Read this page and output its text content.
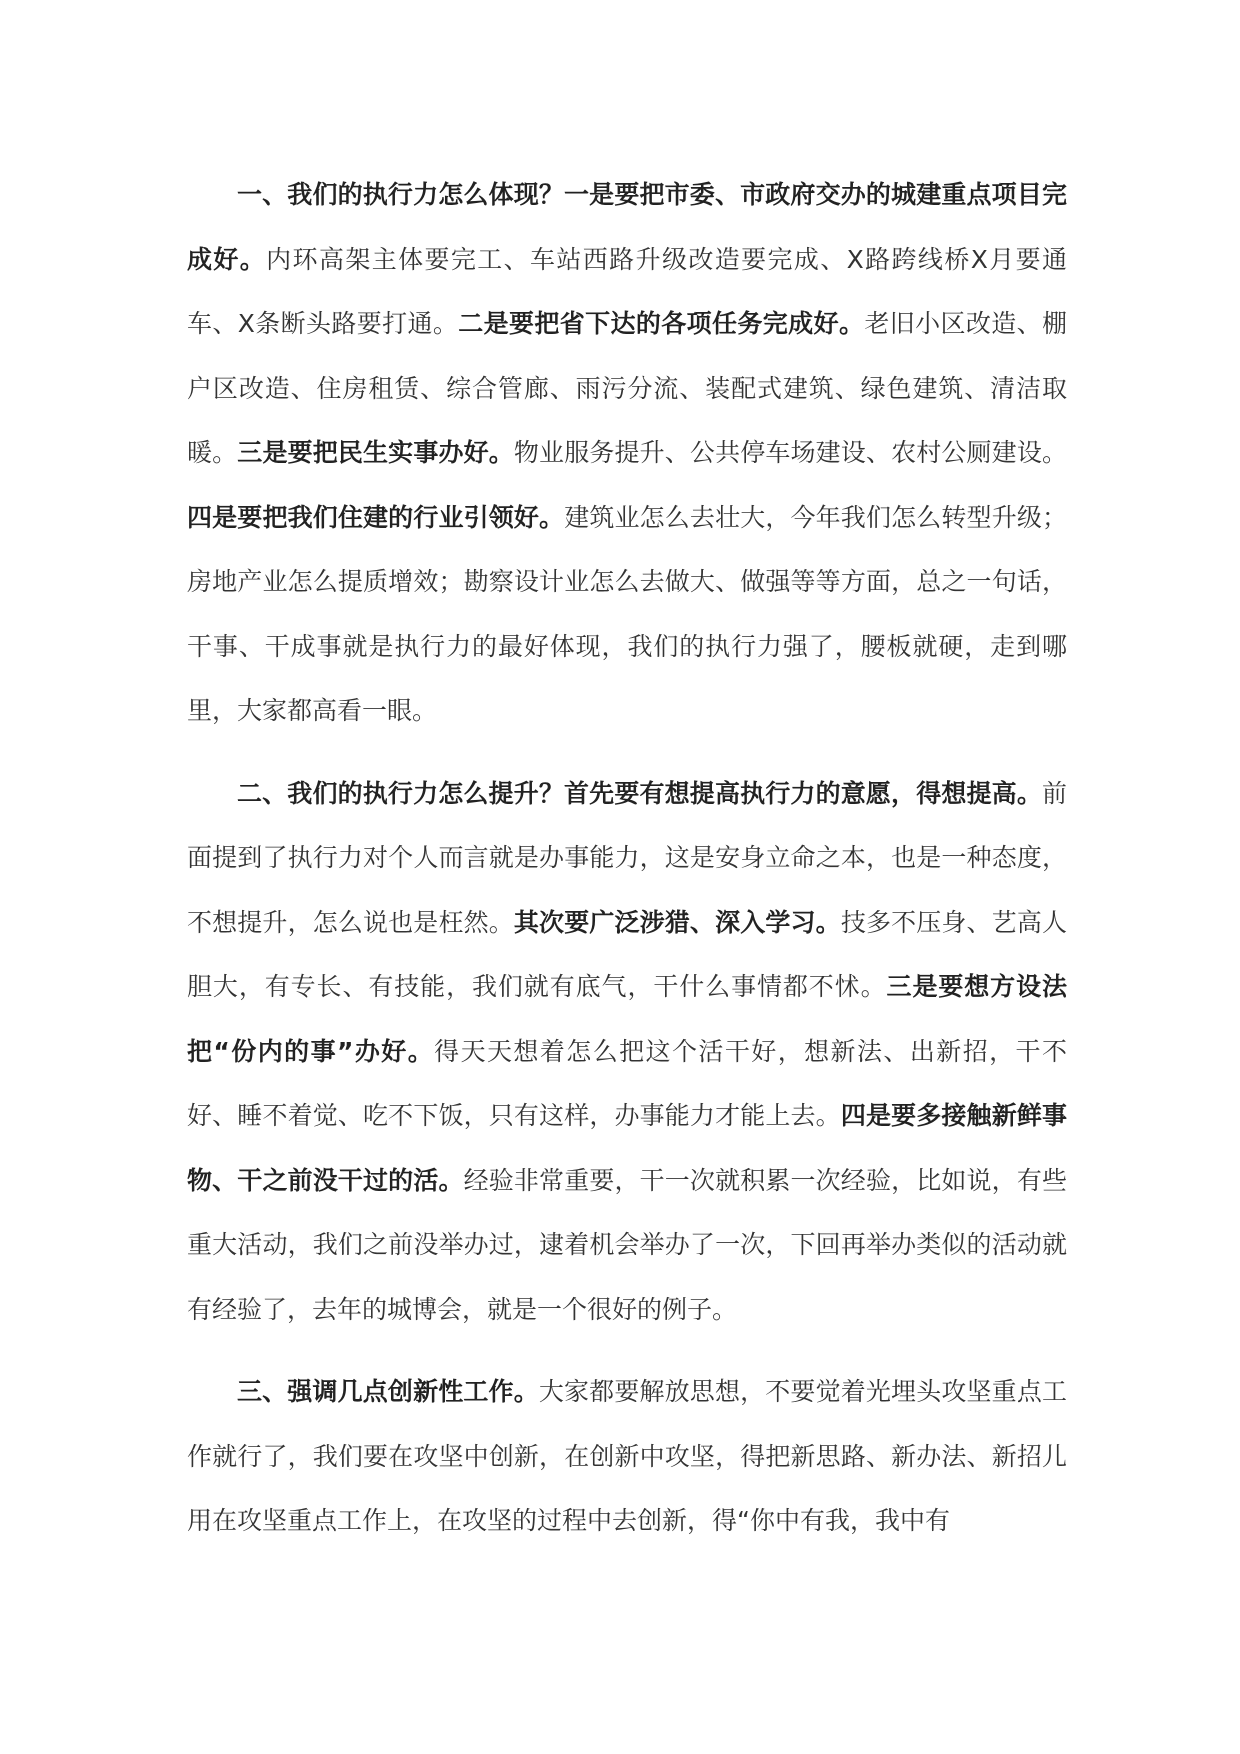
一、我们的执行力怎么体现？一是要把市委、市政府交办的城建重点项目完成好。内环高架主体要完工、车站西路升级改造要完成、X路跨线桥X月要通车、X条断头路要打通。二是要把省下达的各项任务完成好。老旧小区改造、棚户区改造、住房租赁、综合管廊、雨污分流、装配式建筑、绿色建筑、清洁取暖。三是要把民生实事办好。物业服务提升、公共停车场建设、农村公厕建设。四是要把我们住建的行业引领好。建筑业怎么去壮大，今年我们怎么转型升级；房地产业怎么提质增效；勘察设计业怎么去做大、做强等等方面，总之一句话，干事、干成事就是执行力的最好体现，我们的执行力强了，腰板就硬，走到哪里，大家都高看一眼。

二、我们的执行力怎么提升？首先要有想提高执行力的意愿，得想提高。前面提到了执行力对个人而言就是办事能力，这是安身立命之本，也是一种态度，不想提升，怎么说也是枉然。其次要广泛涉猎、深入学习。技多不压身、艺高人胆大，有专长、有技能，我们就有底气，干什么事情都不怵。三是要想方设法把“份内的事”办好。得天天想着怎么把这个活干好，想新法、出新招，干不好、睡不着觉、吃不下饭，只有这样，办事能力才能上去。四是要多接触新鲜事物、干之前没干过的活。经验非常重要，干一次就积累一次经验，比如说，有些重大活动，我们之前没举办过，逮着机会举办了一次，下回再举办类似的活动就有经验了，去年的城博会，就是一个很好的例子。

三、强调几点创新性工作。大家都要解放思想，不要觉着光埋头攻坚重点工作就行了，我们要在攻坚中创新，在创新中攻坚，得把新思路、新办法、新招儿用在攻坚重点工作上，在攻坚的过程中去创新，得“你中有我，我中有
